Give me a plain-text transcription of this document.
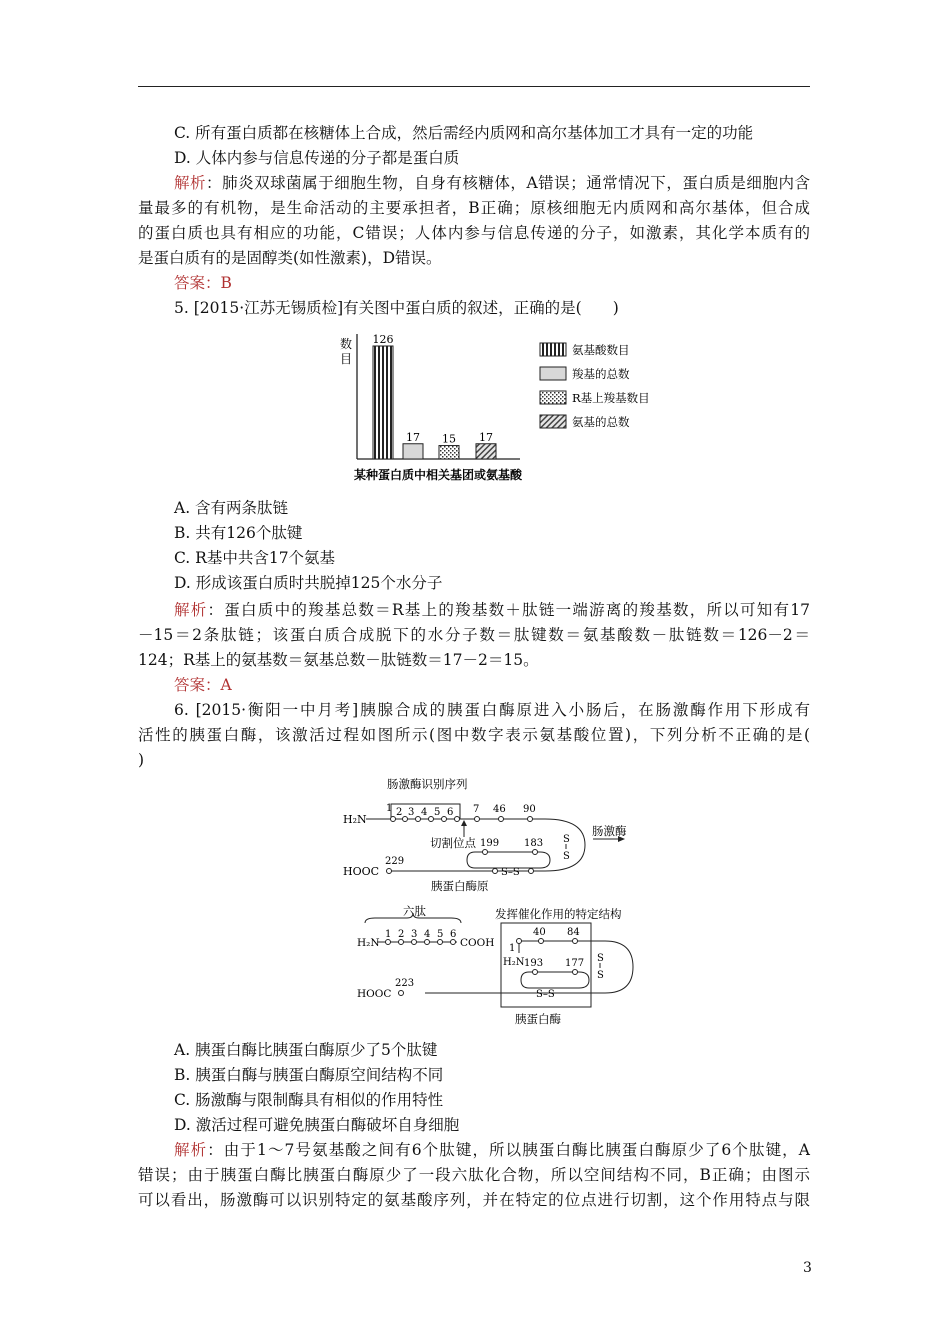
C. 所有蛋白质都在核糖体上合成，然后需经内质网和高尔基体加工才具有一定的功能
D. 人体内参与信息传递的分子都是蛋白质
解析：肺炎双球菌属于细胞生物，自身有核糖体，A错误；通常情况下，蛋白质是细胞内含
量最多的有机物，是生命活动的主要承担者，B正确；原核细胞无内质网和高尔基体，但合成
的蛋白质也具有相应的功能，C错误；人体内参与信息传递的分子，如激素，其化学本质有的
是蛋白质有的是固醇类(如性激素)，D错误。
答案：B
5. [2015·江苏无锡质检]有关图中蛋白质的叙述，正确的是(　　)
数
目
126
17 15 17
某种蛋白质中相关基团或氨基酸
氨基酸数目
羧基的总数
R基上羧基数目
氨基的总数
A. 含有两条肽链
B. 共有126个肽键
C. R基中共含17个氨基
D. 形成该蛋白质时共脱掉125个水分子
解析：蛋白质中的羧基总数＝R基上的羧基数＋肽链一端游离的羧基数，所以可知有17
－15＝2条肽链；该蛋白质合成脱下的水分子数＝肽键数＝氨基酸数－肽链数＝126－2＝
124；R基上的氨基数＝氨基总数－肽链数＝17－2＝15。
答案：A
6. [2015·衡阳一中月考]胰腺合成的胰蛋白酶原进入小肠后，在肠激酶作用下形成有
活性的胰蛋白酶，该激活过程如图所示(图中数字表示氨基酸位置)，下列分析不正确的是(
)
肠激酶识别序列
H₂N
1 2 3 4 5 6 7 46 90
切割位点	S
S
肠激酶
199 183
S–S
HOOC
229
胰蛋白酶原
六肽
H₂N
1 2 3 4 5 6
COOH
发挥催化作用的特定结构
1
40 84
H₂N	S
S
193 177
S–S
HOOC
223
胰蛋白酶
A. 胰蛋白酶比胰蛋白酶原少了5个肽键
B. 胰蛋白酶与胰蛋白酶原空间结构不同
C. 肠激酶与限制酶具有相似的作用特性
D. 激活过程可避免胰蛋白酶破坏自身细胞
解析：由于1～7号氨基酸之间有6个肽键，所以胰蛋白酶比胰蛋白酶原少了6个肽键，A
错误；由于胰蛋白酶比胰蛋白酶原少了一段六肽化合物，所以空间结构不同，B正确；由图示
可以看出，肠激酶可以识别特定的氨基酸序列，并在特定的位点进行切割，这个作用特点与限
3
